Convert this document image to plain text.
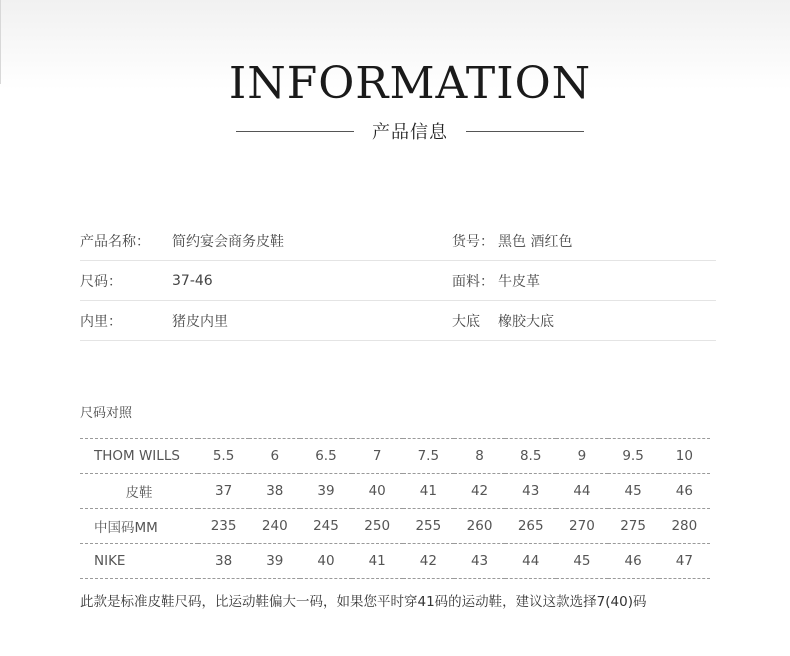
INFORMATION
产品信息
产品名称：	简约宴会商务皮鞋	货号： 黑色 酒红色
尺码：	37-46	面料： 牛皮革
内里：	猪皮内里	大底	橡胶大底
尺码对照
THOM WILLS	5.5	6	6.5	7	7.5	8	8.5	9	9.5	10
皮鞋	37	38	39	40	41	42	43	44	45	46
中国码MM	235	240	245	250	255	260	265	270	275	280
NIKE	38	39	40	41	42	43	44	45	46	47
此款是标准皮鞋尺码，比运动鞋偏大一码，如果您平时穿41码的运动鞋，建议这款选择7(40)码
